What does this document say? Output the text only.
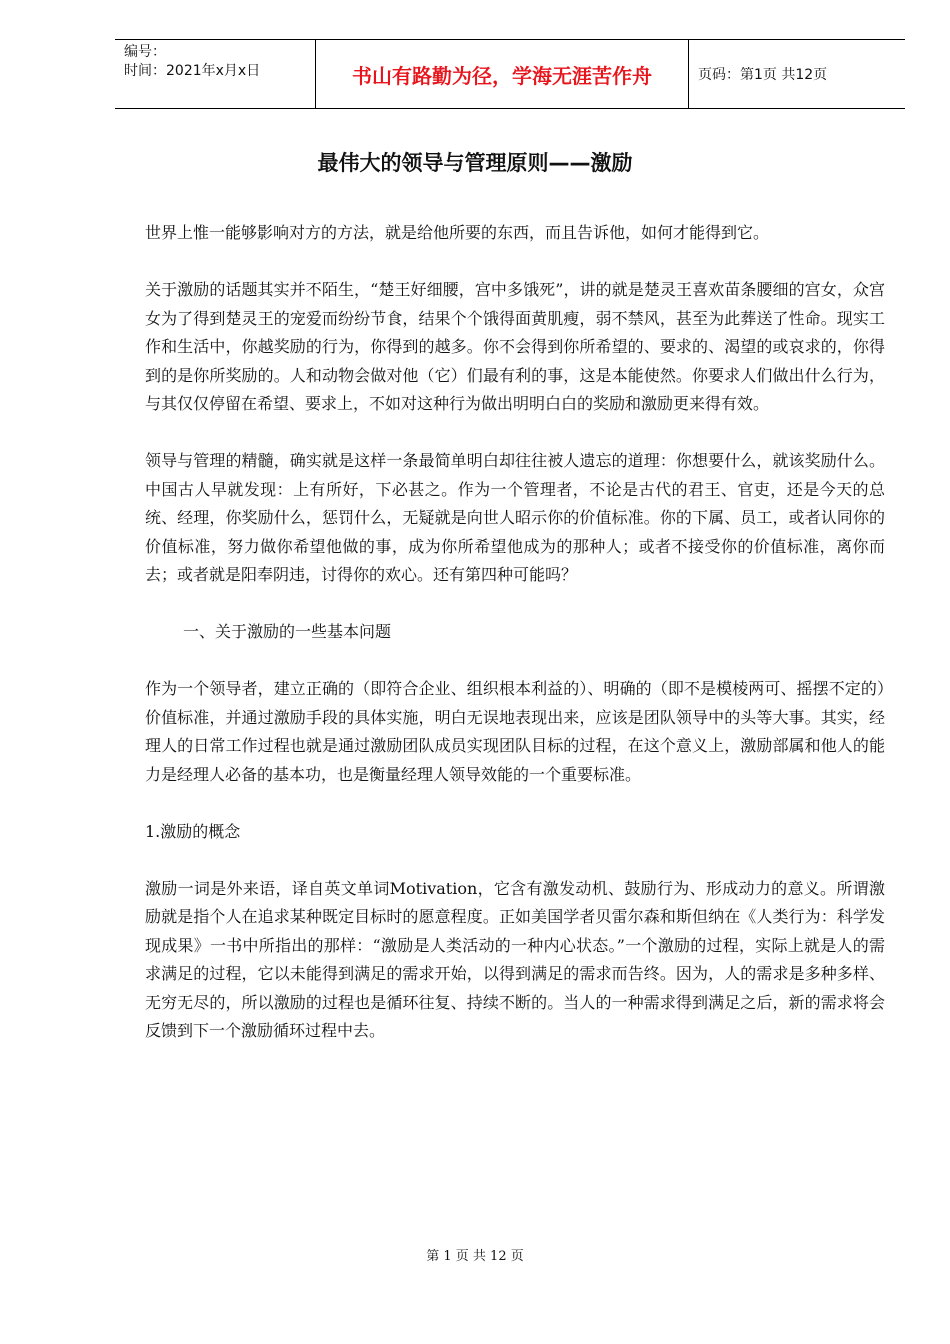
编号：
时间：2021年x月x日	书山有路勤为径，学海无涯苦作舟	页码：第1页 共12页
最伟大的领导与管理原则——激励

世界上惟一能够影响对方的方法，就是给他所要的东西，而且告诉他，如何才能得到它。

关于激励的话题其实并不陌生，“楚王好细腰，宫中多饿死”，讲的就是楚灵王喜欢苗条腰细的宫女，众宫女为了得到楚灵王的宠爱而纷纷节食，结果个个饿得面黄肌瘦，弱不禁风，甚至为此葬送了性命。现实工作和生活中，你越奖励的行为，你得到的越多。你不会得到你所希望的、要求的、渴望的或哀求的，你得到的是你所奖励的。人和动物会做对他（它）们最有利的事，这是本能使然。你要求人们做出什么行为，与其仅仅停留在希望、要求上，不如对这种行为做出明明白白的奖励和激励更来得有效。

领导与管理的精髓，确实就是这样一条最简单明白却往往被人遗忘的道理：你想要什么，就该奖励什么。中国古人早就发现：上有所好，下必甚之。作为一个管理者，不论是古代的君王、官吏，还是今天的总统、经理，你奖励什么，惩罚什么，无疑就是向世人昭示你的价值标准。你的下属、员工，或者认同你的价值标准，努力做你希望他做的事，成为你所希望他成为的那种人；或者不接受你的价值标准，离你而去；或者就是阳奉阴违，讨得你的欢心。还有第四种可能吗？

一、关于激励的一些基本问题

作为一个领导者，建立正确的（即符合企业、组织根本利益的）、明确的（即不是模棱两可、摇摆不定的）价值标准，并通过激励手段的具体实施，明白无误地表现出来，应该是团队领导中的头等大事。其实，经理人的日常工作过程也就是通过激励团队成员实现团队目标的过程，在这个意义上，激励部属和他人的能力是经理人必备的基本功，也是衡量经理人领导效能的一个重要标准。

1.激励的概念

激励一词是外来语，译自英文单词Motivation，它含有激发动机、鼓励行为、形成动力的意义。所谓激励就是指个人在追求某种既定目标时的愿意程度。正如美国学者贝雷尔森和斯但纳在《人类行为：科学发现成果》一书中所指出的那样：“激励是人类活动的一种内心状态。”一个激励的过程，实际上就是人的需求满足的过程，它以未能得到满足的需求开始，以得到满足的需求而告终。因为，人的需求是多种多样、无穷无尽的，所以激励的过程也是循环往复、持续不断的。当人的一种需求得到满足之后，新的需求将会反馈到下一个激励循环过程中去。

第 1 页 共 12 页
